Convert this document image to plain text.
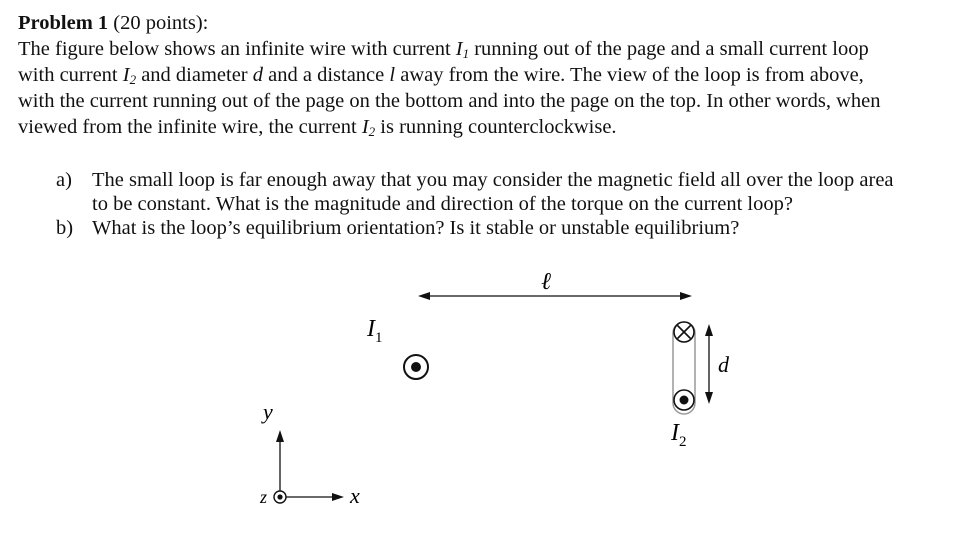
Problem 1 (20 points):
The figure below shows an infinite wire with current $I_1$ running out of the page and a small current loop
with current $I_2$ and diameter d and a distance l away from the wire. The view of the loop is from above,
with the current running out of the page on the bottom and into the page on the top. In other words, when
viewed from the infinite wire, the current $I_2$ is running counterclockwise.
a) The small loop is far enough away that you may consider the magnetic field all over the loop area
to be constant. What is the magnitude and direction of the torque on the current loop?
b) What is the loop’s equilibrium orientation? Is it stable or unstable equilibrium?
ℓ
$I_1$
$I_2$
d
y
x
z
